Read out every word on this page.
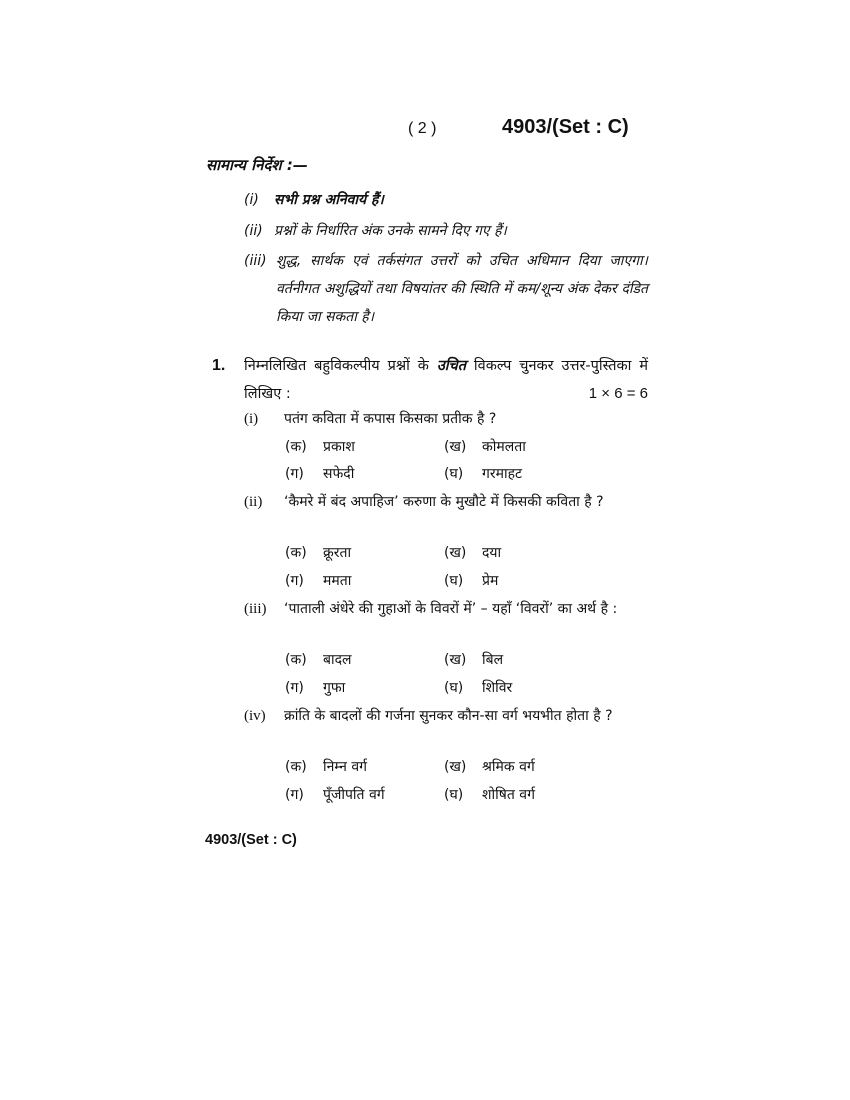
( 2 )	4903/(Set : C)
सामान्य निर्देश :—
(i) सभी प्रश्न अनिवार्य हैं।
(ii) प्रश्नों के निर्धारित अंक उनके सामने दिए गए हैं।
(iii) शुद्ध, सार्थक एवं तर्कसंगत उत्तरों को उचित अधिमान दिया जाएगा। वर्तनीगत अशुद्धियों तथा विषयांतर की स्थिति में कम/शून्य अंक देकर दंडित किया जा सकता है।
1. निम्नलिखित बहुविकल्पीय प्रश्नों के उचित विकल्प चुनकर उत्तर-पुस्तिका में लिखिए :	1 × 6 = 6
(i) पतंग कविता में कपास किसका प्रतीक है ?
(क) प्रकाश	(ख) कोमलता
(ग) सफेदी	(घ) गरमाहट
(ii) ‘कैमरे में बंद अपाहिज’ करुणा के मुखौटे में किसकी कविता है ?
(क) क्रूरता	(ख) दया
(ग) ममता	(घ) प्रेम
(iii) ‘पाताली अंधेरे की गुहाओं के विवरों में’ – यहाँ ‘विवरों’ का अर्थ है :
(क) बादल	(ख) बिल
(ग) गुफा	(घ) शिविर
(iv) क्रांति के बादलों की गर्जना सुनकर कौन-सा वर्ग भयभीत होता है ?
(क) निम्न वर्ग	(ख) श्रमिक वर्ग
(ग) पूँजीपति वर्ग	(घ) शोषित वर्ग
4903/(Set : C)
